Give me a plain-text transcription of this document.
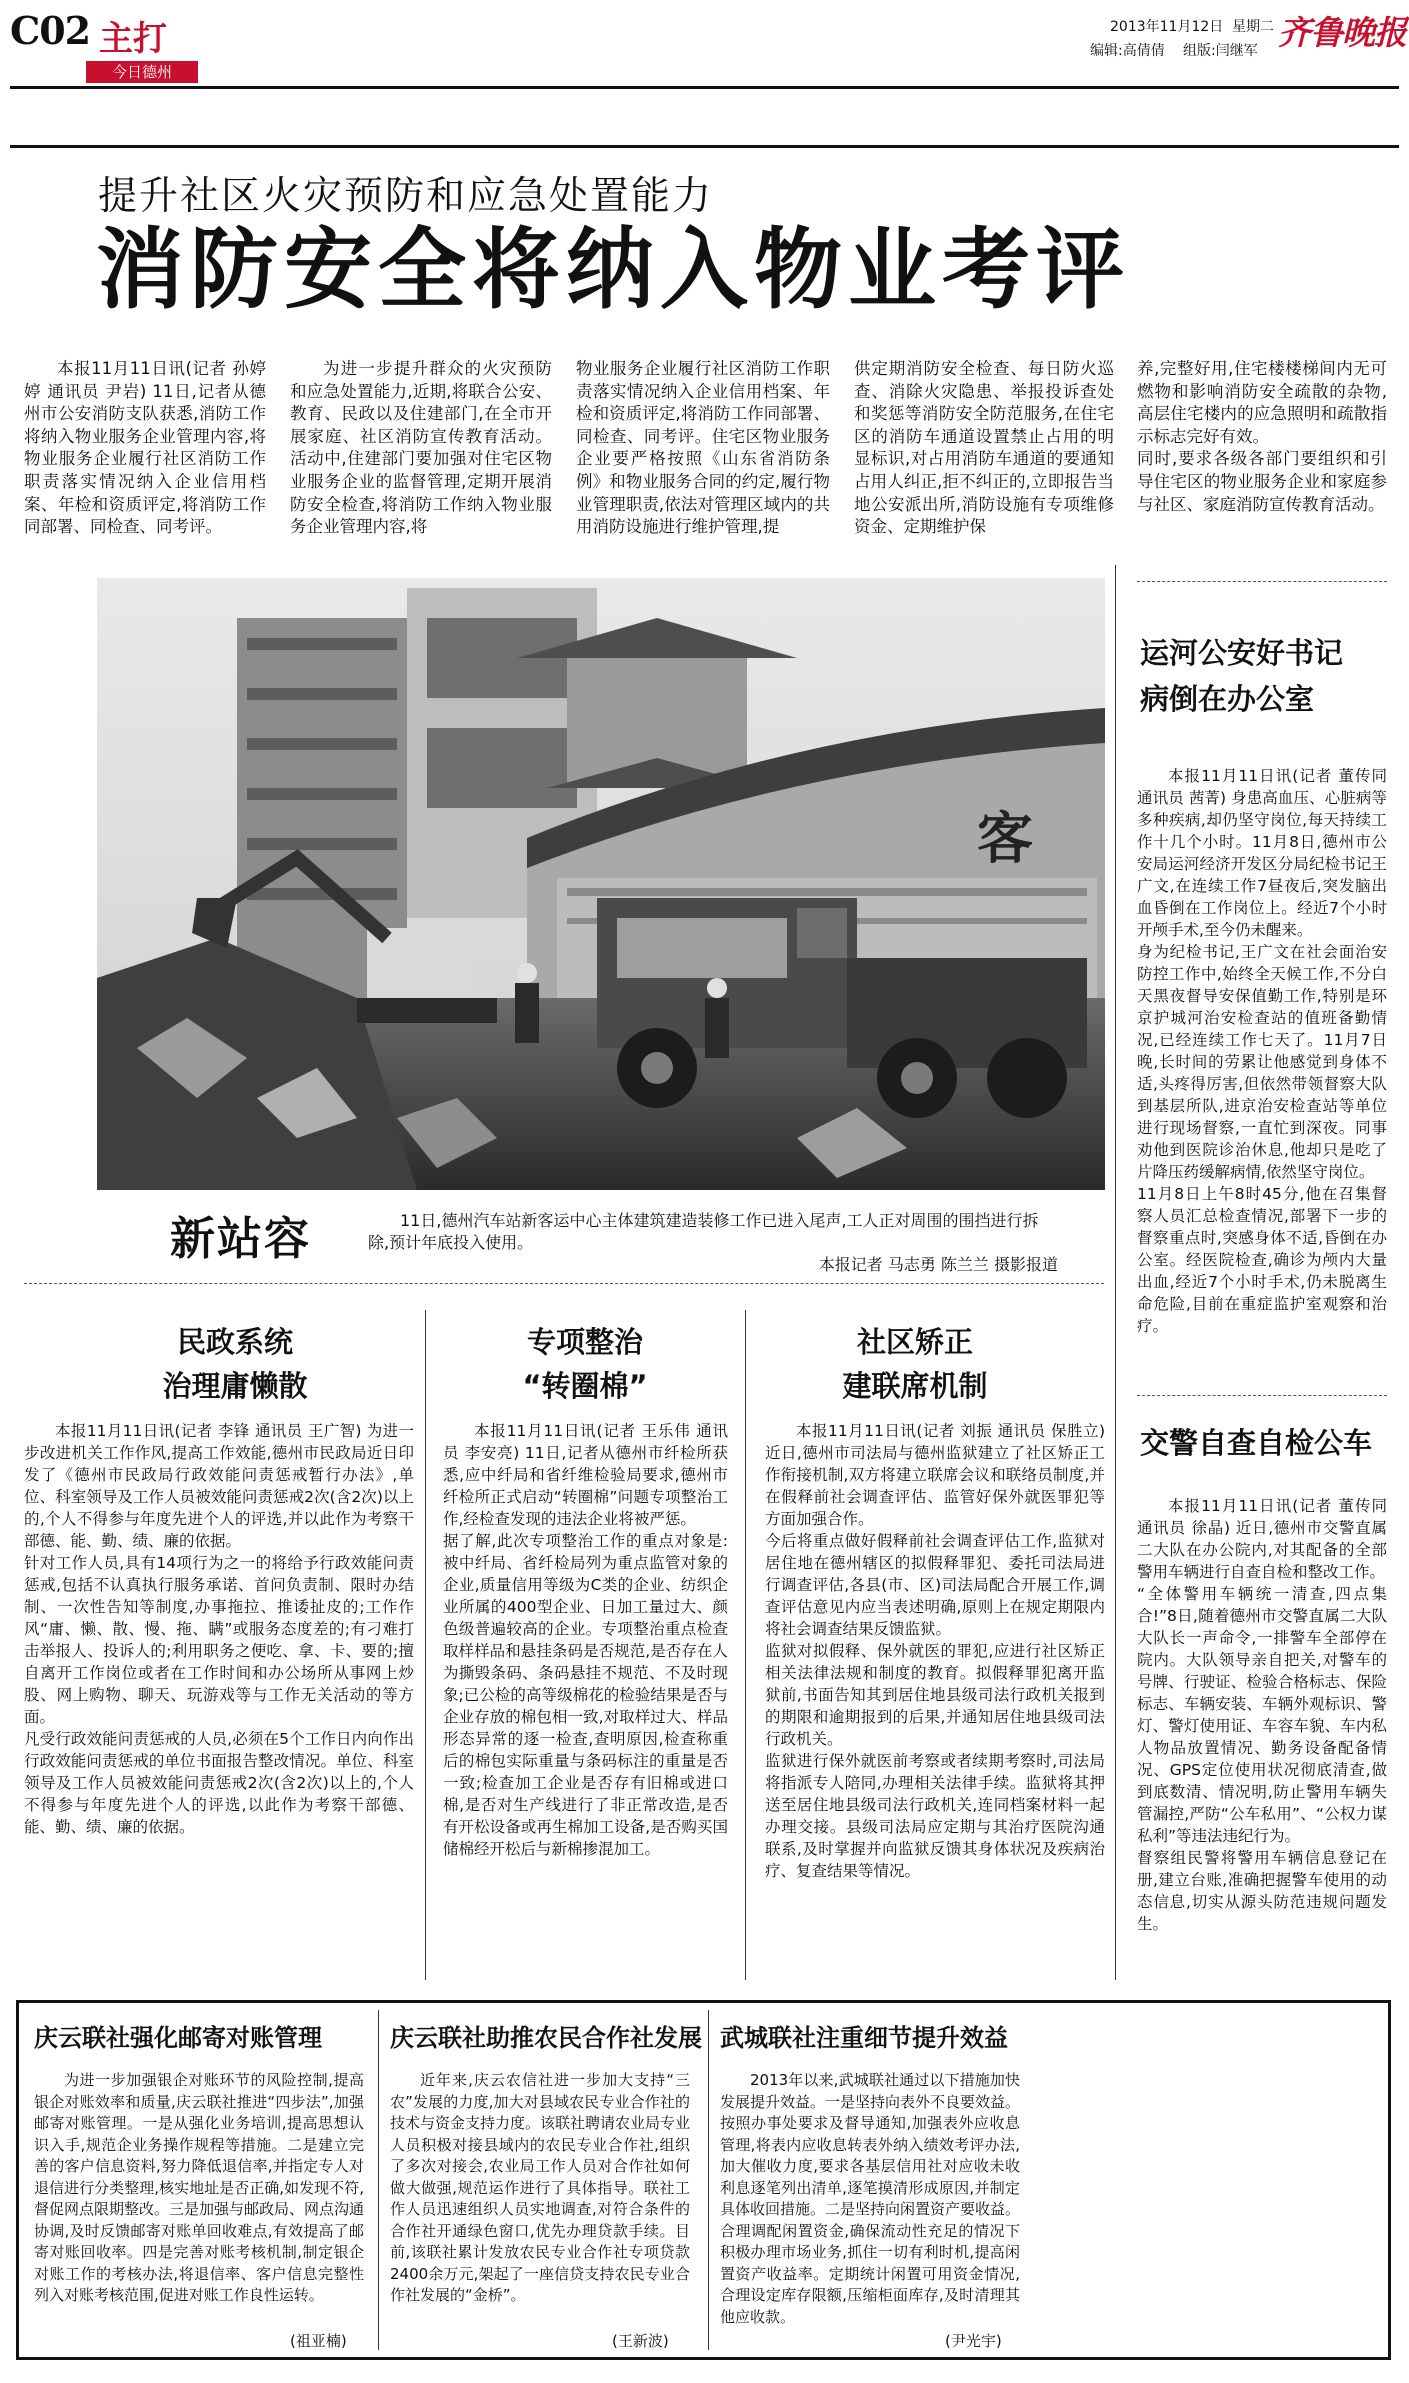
C02 主打
今日德州
2013年11月12日 星期二
编辑:高倩倩 组版:闫继军 齐鲁晚报
提升社区火灾预防和应急处置能力
消防安全将纳入物业考评

本报11月11日讯(记者 孙婷婷 通讯员 尹岩) 11日,记者从德州市公安消防支队获悉,消防工作将纳入物业服务企业管理内容,将物业服务企业履行社区消防工作职责落实情况纳入企业信用档案、年检和资质评定,将消防工作同部署、同检查、同考评。

为进一步提升群众的火灾预防和应急处置能力,近期,将联合公安、教育、民政以及住建部门,在全市开展家庭、社区消防宣传教育活动。活动中,住建部门要加强对住宅区物业服务企业的监督管理,定期开展消防安全检查,将消防工作纳入物业服务企业管理内容,将

物业服务企业履行社区消防工作职责落实情况纳入企业信用档案、年检和资质评定,将消防工作同部署、同检查、同考评。住宅区物业服务企业要严格按照《山东省消防条例》和物业服务合同的约定,履行物业管理职责,依法对管理区域内的共用消防设施进行维护管理,提

供定期消防安全检查、每日防火巡查、消除火灾隐患、举报投诉查处和奖惩等消防安全防范服务,在住宅区的消防车通道设置禁止占用的明显标识,对占用消防车通道的要通知占用人纠正,拒不纠正的,立即报告当地公安派出所,消防设施有专项维修资金、定期维护保

养,完整好用,住宅楼楼梯间内无可燃物和影响消防安全疏散的杂物,高层住宅楼内的应急照明和疏散指示标志完好有效。
同时,要求各级各部门要组织和引导住宅区的物业服务企业和家庭参与社区、家庭消防宣传教育活动。

客
新站容	11日,德州汽车站新客运中心主体建筑建造装修工作已进入尾声,工人正对周围的围挡进行拆除,预计年底投入使用。
本报记者 马志勇 陈兰兰 摄影报道
运河公安好书记
病倒在办公室

本报11月11日讯(记者 董传同 通讯员 茜菁) 身患高血压、心脏病等多种疾病,却仍坚守岗位,每天持续工作十几个小时。11月8日,德州市公安局运河经济开发区分局纪检书记王广文,在连续工作7昼夜后,突发脑出血昏倒在工作岗位上。经近7个小时开颅手术,至今仍未醒来。
身为纪检书记,王广文在社会面治安防控工作中,始终全天候工作,不分白天黑夜督导安保值勤工作,特别是环京护城河治安检查站的值班备勤情况,已经连续工作七天了。11月7日晚,长时间的劳累让他感觉到身体不适,头疼得厉害,但依然带领督察大队到基层所队,进京治安检查站等单位进行现场督察,一直忙到深夜。同事劝他到医院诊治休息,他却只是吃了片降压药缓解病情,依然坚守岗位。
11月8日上午8时45分,他在召集督察人员汇总检查情况,部署下一步的督察重点时,突感身体不适,昏倒在办公室。经医院检查,确诊为颅内大量出血,经近7个小时手术,仍未脱离生命危险,目前在重症监护室观察和治疗。

交警自查自检公车

本报11月11日讯(记者 董传同 通讯员 徐晶) 近日,德州市交警直属二大队在办公院内,对其配备的全部警用车辆进行自查自检和整改工作。
“全体警用车辆统一清查,四点集合!”8日,随着德州市交警直属二大队大队长一声命令,一排警车全部停在院内。大队领导亲自把关,对警车的号牌、行驶证、检验合格标志、保险标志、车辆安装、车辆外观标识、警灯、警灯使用证、车容车貌、车内私人物品放置情况、勤务设备配备情况、GPS定位使用状况彻底清查,做到底数清、情况明,防止警用车辆失管漏控,严防“公车私用”、“公权力谋私利”等违法违纪行为。
督察组民警将警用车辆信息登记在册,建立台账,准确把握警车使用的动态信息,切实从源头防范违规问题发生。

民政系统
治理庸懒散

本报11月11日讯(记者 李锋 通讯员 王广智) 为进一步改进机关工作作风,提高工作效能,德州市民政局近日印发了《德州市民政局行政效能问责惩戒暂行办法》,单位、科室领导及工作人员被效能问责惩戒2次(含2次)以上的,个人不得参与年度先进个人的评选,并以此作为考察干部德、能、勤、绩、廉的依据。
针对工作人员,具有14项行为之一的将给予行政效能问责惩戒,包括不认真执行服务承诺、首问负责制、限时办结制、一次性告知等制度,办事拖拉、推诿扯皮的;工作作风“庸、懒、散、慢、拖、瞒”或服务态度差的;有刁难打击举报人、投诉人的;利用职务之便吃、拿、卡、要的;擅自离开工作岗位或者在工作时间和办公场所从事网上炒股、网上购物、聊天、玩游戏等与工作无关活动的等方面。
凡受行政效能问责惩戒的人员,必须在5个工作日内向作出行政效能问责惩戒的单位书面报告整改情况。单位、科室领导及工作人员被效能问责惩戒2次(含2次)以上的,个人不得参与年度先进个人的评选,以此作为考察干部德、能、勤、绩、廉的依据。

专项整治
“转圈棉”

本报11月11日讯(记者 王乐伟 通讯员 李安亮) 11日,记者从德州市纤检所获悉,应中纤局和省纤维检验局要求,德州市纤检所正式启动“转圈棉”问题专项整治工作,经检查发现的违法企业将被严惩。
据了解,此次专项整治工作的重点对象是:被中纤局、省纤检局列为重点监管对象的企业,质量信用等级为C类的企业、纺织企业所属的400型企业、日加工量过大、颜色级普遍较高的企业。专项整治重点检查取样样品和悬挂条码是否规范,是否存在人为撕毁条码、条码悬挂不规范、不及时现象;已公检的高等级棉花的检验结果是否与企业存放的棉包相一致,对取样过大、样品形态异常的逐一检查,查明原因,检查称重后的棉包实际重量与条码标注的重量是否一致;检查加工企业是否存有旧棉或进口棉,是否对生产线进行了非正常改造,是否有开松设备或再生棉加工设备,是否购买国储棉经开松后与新棉掺混加工。

社区矫正
建联席机制

本报11月11日讯(记者 刘振 通讯员 保胜立) 近日,德州市司法局与德州监狱建立了社区矫正工作衔接机制,双方将建立联席会议和联络员制度,并在假释前社会调查评估、监管好保外就医罪犯等方面加强合作。
今后将重点做好假释前社会调查评估工作,监狱对居住地在德州辖区的拟假释罪犯、委托司法局进行调查评估,各县(市、区)司法局配合开展工作,调查评估意见内应当表述明确,原则上在规定期限内将社会调查结果反馈监狱。
监狱对拟假释、保外就医的罪犯,应进行社区矫正相关法律法规和制度的教育。拟假释罪犯离开监狱前,书面告知其到居住地县级司法行政机关报到的期限和逾期报到的后果,并通知居住地县级司法行政机关。
监狱进行保外就医前考察或者续期考察时,司法局将指派专人陪同,办理相关法律手续。监狱将其押送至居住地县级司法行政机关,连同档案材料一起办理交接。县级司法局应定期与其治疗医院沟通联系,及时掌握并向监狱反馈其身体状况及疾病治疗、复查结果等情况。

庆云联社强化邮寄对账管理

为进一步加强银企对账环节的风险控制,提高银企对账效率和质量,庆云联社推进“四步法”,加强邮寄对账管理。一是从强化业务培训,提高思想认识入手,规范企业务操作规程等措施。二是建立完善的客户信息资料,努力降低退信率,并指定专人对退信进行分类整理,核实地址是否正确,如发现不符,督促网点限期整改。三是加强与邮政局、网点沟通协调,及时反馈邮寄对账单回收难点,有效提高了邮寄对账回收率。四是完善对账考核机制,制定银企对账工作的考核办法,将退信率、客户信息完整性列入对账考核范围,促进对账工作良性运转。

(祖亚楠)
庆云联社助推农民合作社发展

近年来,庆云农信社进一步加大支持“三农”发展的力度,加大对县域农民专业合作社的技术与资金支持力度。该联社聘请农业局专业人员积极对接县域内的农民专业合作社,组织了多次对接会,农业局工作人员对合作社如何做大做强,规范运作进行了具体指导。联社工作人员迅速组织人员实地调查,对符合条件的合作社开通绿色窗口,优先办理贷款手续。目前,该联社累计发放农民专业合作社专项贷款2400余万元,架起了一座信贷支持农民专业合作社发展的“金桥”。

(王新波)
武城联社注重细节提升效益

2013年以来,武城联社通过以下措施加快发展提升效益。一是坚持向表外不良要效益。按照办事处要求及督导通知,加强表外应收息管理,将表内应收息转表外纳入绩效考评办法,加大催收力度,要求各基层信用社对应收未收利息逐笔列出清单,逐笔摸清形成原因,并制定具体收回措施。二是坚持向闲置资产要收益。合理调配闲置资金,确保流动性充足的情况下积极办理市场业务,抓住一切有利时机,提高闲置资产收益率。定期统计闲置可用资金情况,合理设定库存限额,压缩柜面库存,及时清理其他应收款。

(尹光宇)
